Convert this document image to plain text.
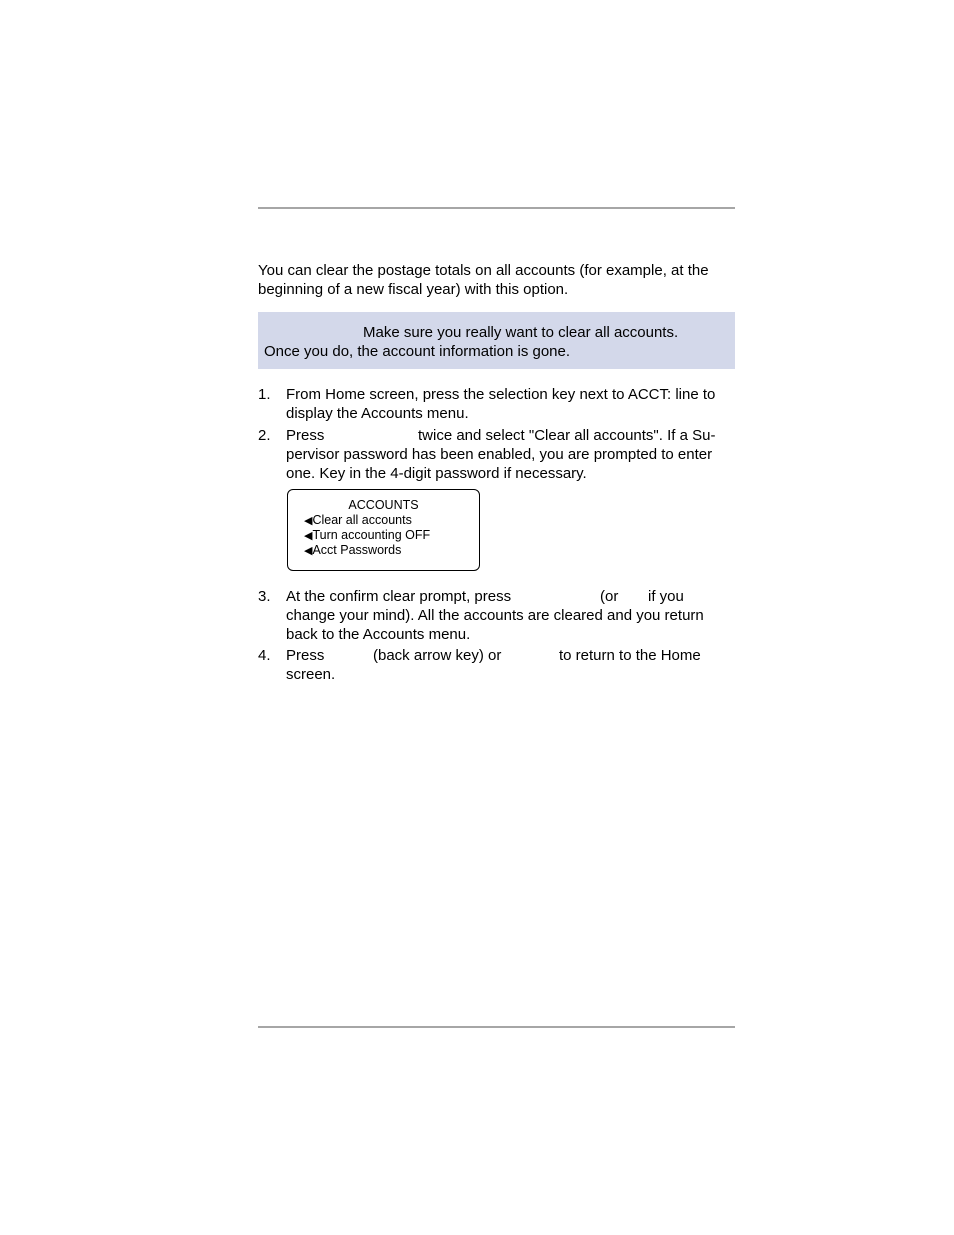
You can clear the postage totals on all accounts (for example, at the
beginning of a new fiscal year) with this option.
Make sure you really want to clear all accounts.
Once you do, the account information is gone.
1. From Home screen, press the selection key next to ACCT: line to
display the Accounts menu.
2. Press	twice and select "Clear all accounts". If a Su-
pervisor password has been enabled, you are prompted to enter
one. Key in the 4-digit password if necessary.
ACCOUNTS
◀Clear all accounts
◀Turn accounting OFF
◀Acct Passwords
3. At the confirm clear prompt, press	(or if you
change your mind). All the accounts are cleared and you return
back to the Accounts menu.
4. Press	(back arrow key) or	to return to the Home
screen.
